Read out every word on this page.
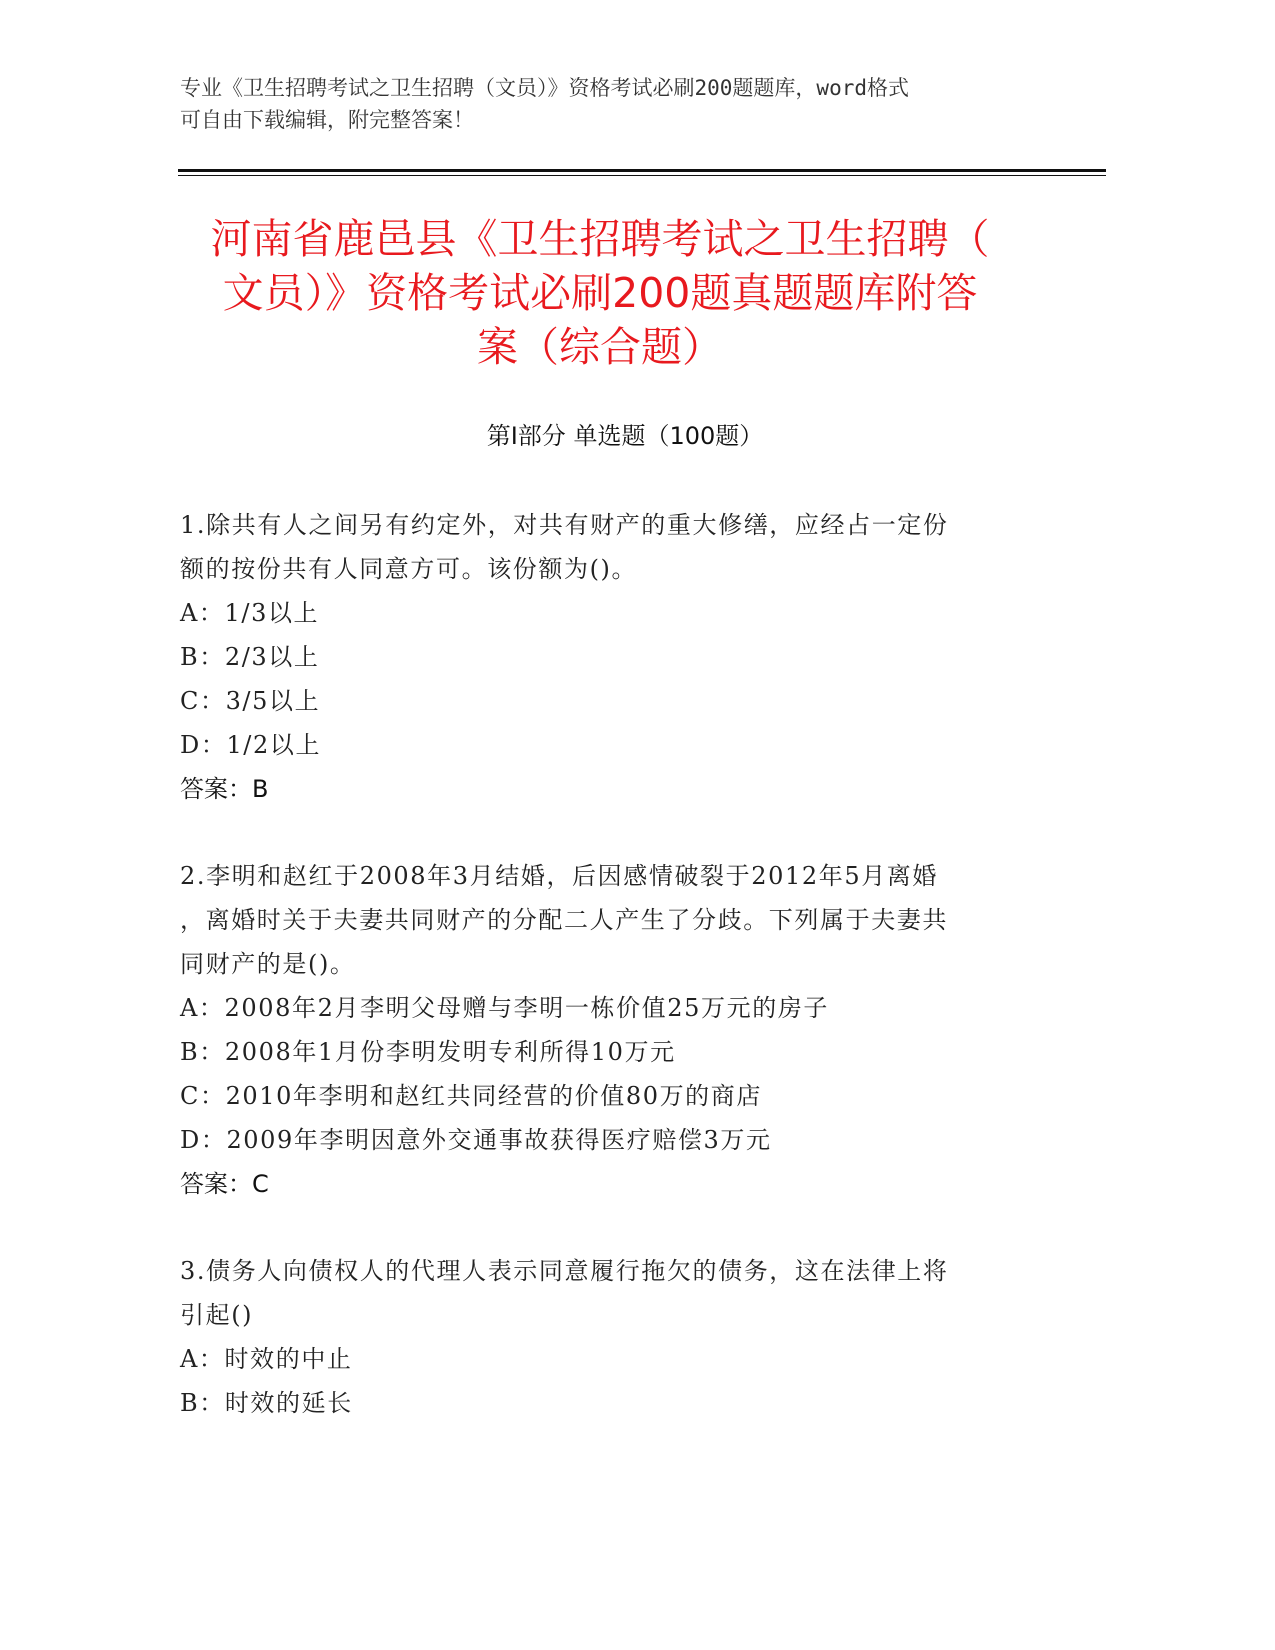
专业《卫生招聘考试之卫生招聘（文员）》资格考试必刷200题题库，word格式
可自由下载编辑，附完整答案！
河南省鹿邑县《卫生招聘考试之卫生招聘（
文员）》资格考试必刷200题真题题库附答
案（综合题）
第Ⅰ部分 单选题（100题）
1.除共有人之间另有约定外，对共有财产的重大修缮，应经占一定份
额的按份共有人同意方可。该份额为()。
A：1/3以上
B：2/3以上
C：3/5以上
D：1/2以上
答案：B
2.李明和赵红于2008年3月结婚，后因感情破裂于2012年5月离婚
，离婚时关于夫妻共同财产的分配二人产生了分歧。下列属于夫妻共
同财产的是()。
A：2008年2月李明父母赠与李明一栋价值25万元的房子
B：2008年1月份李明发明专利所得10万元
C：2010年李明和赵红共同经营的价值80万的商店
D：2009年李明因意外交通事故获得医疗赔偿3万元
答案：C
3.债务人向债权人的代理人表示同意履行拖欠的债务，这在法律上将
引起()
A：时效的中止
B：时效的延长
